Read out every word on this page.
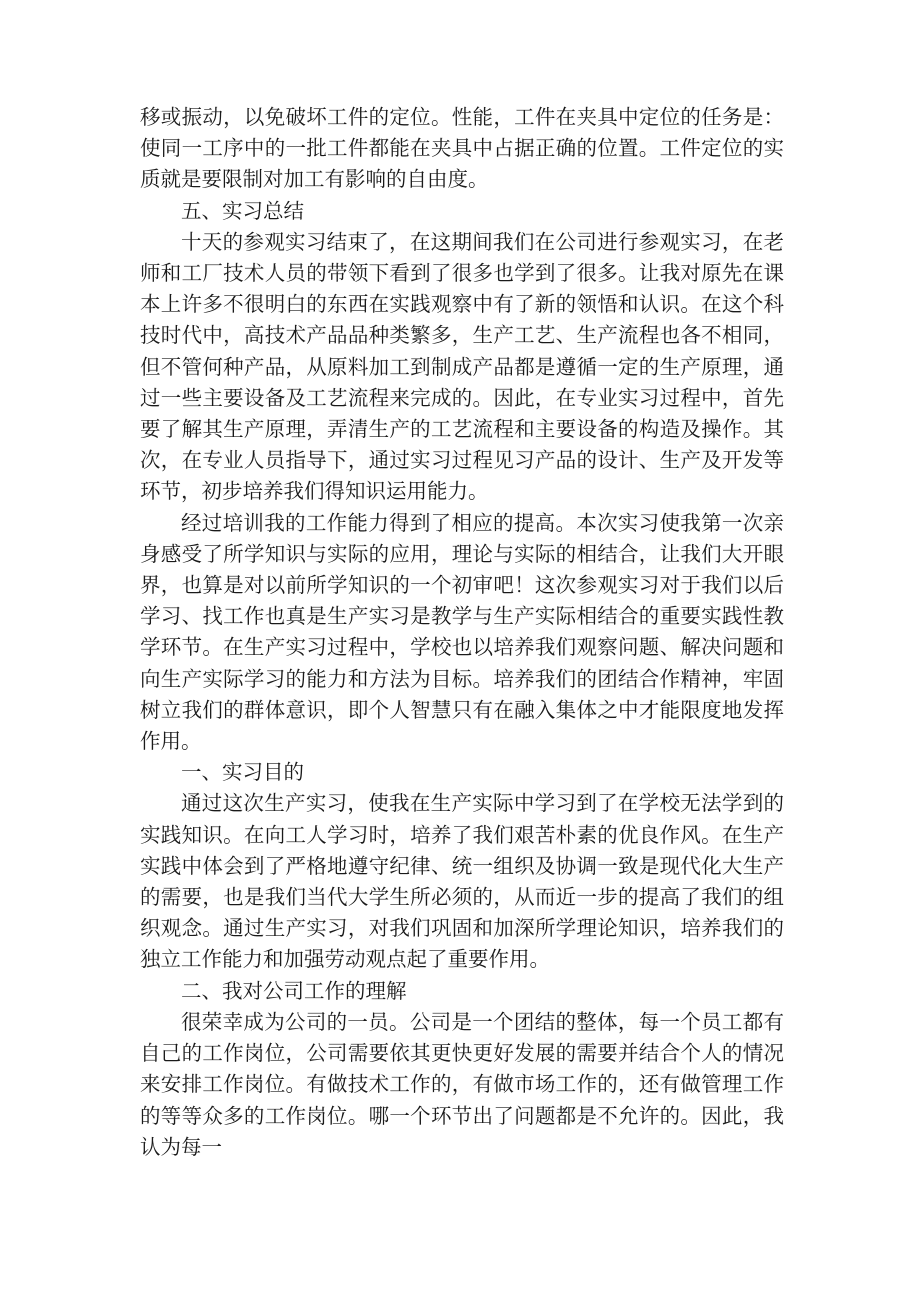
移或振动，以免破坏工件的定位。性能，工件在夹具中定位的任务是：使同一工序中的一批工件都能在夹具中占据正确的位置。工件定位的实质就是要限制对加工有影响的自由度。

五、实习总结

十天的参观实习结束了，在这期间我们在公司进行参观实习，在老师和工厂技术人员的带领下看到了很多也学到了很多。让我对原先在课本上许多不很明白的东西在实践观察中有了新的领悟和认识。在这个科技时代中，高技术产品品种类繁多，生产工艺、生产流程也各不相同，但不管何种产品，从原料加工到制成产品都是遵循一定的生产原理，通过一些主要设备及工艺流程来完成的。因此，在专业实习过程中，首先要了解其生产原理，弄清生产的工艺流程和主要设备的构造及操作。其次，在专业人员指导下，通过实习过程见习产品的设计、生产及开发等环节，初步培养我们得知识运用能力。

经过培训我的工作能力得到了相应的提高。本次实习使我第一次亲身感受了所学知识与实际的应用，理论与实际的相结合，让我们大开眼界，也算是对以前所学知识的一个初审吧！这次参观实习对于我们以后学习、找工作也真是生产实习是教学与生产实际相结合的重要实践性教学环节。在生产实习过程中，学校也以培养我们观察问题、解决问题和向生产实际学习的能力和方法为目标。培养我们的团结合作精神，牢固树立我们的群体意识，即个人智慧只有在融入集体之中才能限度地发挥作用。

一、实习目的

通过这次生产实习，使我在生产实际中学习到了在学校无法学到的实践知识。在向工人学习时，培养了我们艰苦朴素的优良作风。在生产实践中体会到了严格地遵守纪律、统一组织及协调一致是现代化大生产的需要，也是我们当代大学生所必须的，从而近一步的提高了我们的组织观念。通过生产实习，对我们巩固和加深所学理论知识，培养我们的独立工作能力和加强劳动观点起了重要作用。

二、我对公司工作的理解

很荣幸成为公司的一员。公司是一个团结的整体，每一个员工都有自己的工作岗位，公司需要依其更快更好发展的需要并结合个人的情况来安排工作岗位。有做技术工作的，有做市场工作的，还有做管理工作的等等众多的工作岗位。哪一个环节出了问题都是不允许的。因此，我认为每一
